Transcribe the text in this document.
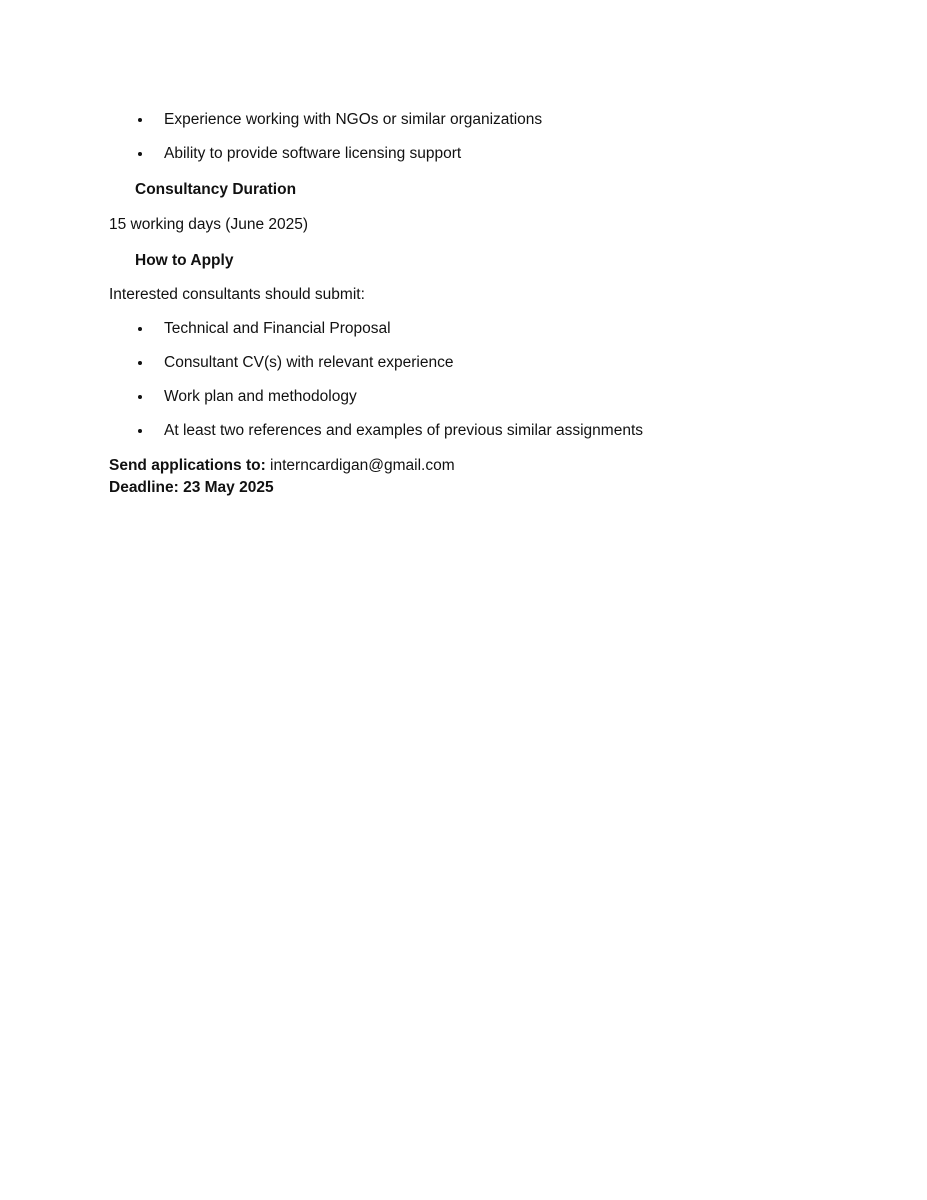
Experience working with NGOs or similar organizations
Ability to provide software licensing support
Consultancy Duration
15 working days (June 2025)
How to Apply
Interested consultants should submit:
Technical and Financial Proposal
Consultant CV(s) with relevant experience
Work plan and methodology
At least two references and examples of previous similar assignments
Send applications to: interncardigan@gmail.com
Deadline: 23 May 2025
